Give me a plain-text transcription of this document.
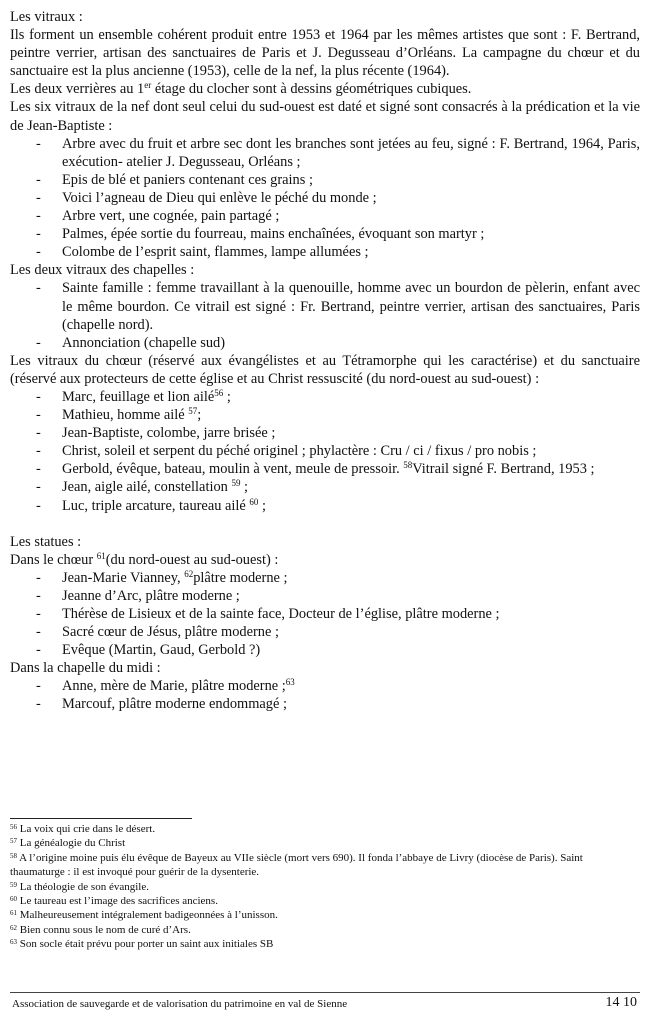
Les vitraux :

Ils forment un ensemble cohérent produit entre 1953 et 1964 par les mêmes artistes que sont : F. Bertrand, peintre verrier, artisan des sanctuaires de Paris et J. Degusseau d’Orléans. La campagne du chœur et du sanctuaire est la plus ancienne (1953), celle de la nef, la plus récente (1964).

Les deux verrières au 1er étage du clocher sont à dessins géométriques cubiques.

Les six vitraux de la nef dont seul celui du sud-ouest est daté et signé sont consacrés à la prédication et la vie de Jean-Baptiste :

- Arbre avec du fruit et arbre sec dont les branches sont jetées au feu, signé : F. Bertrand, 1964, Paris, exécution- atelier J. Degusseau, Orléans ;
- Epis de blé et paniers contenant ces grains ;
- Voici l’agneau de Dieu qui enlève le péché du monde ;
- Arbre vert, une cognée, pain partagé ;
- Palmes, épée sortie du fourreau, mains enchaînées, évoquant son martyr ;
- Colombe de l’esprit saint, flammes, lampe allumées ;

Les deux vitraux des chapelles :

- Sainte famille : femme travaillant à la quenouille, homme avec un bourdon de pèlerin, enfant avec le même bourdon. Ce vitrail est signé : Fr. Bertrand, peintre verrier, artisan des sanctuaires, Paris (chapelle nord).
- Annonciation (chapelle sud)

Les vitraux du chœur (réservé aux évangélistes et au Tétramorphe qui les caractérise) et du sanctuaire (réservé aux protecteurs de cette église et au Christ ressuscité (du nord-ouest au sud-ouest) :

- Marc, feuillage et lion ailé$^{56}$ ;
- Mathieu, homme ailé $^{57}$;
- Jean-Baptiste, colombe, jarre brisée ;
- Christ, soleil et serpent du péché originel ; phylactère : Cru / ci / fixus / pro nobis ;
- Gerbold, évêque, bateau, moulin à vent, meule de pressoir. $^{58}$Vitrail signé F. Bertrand, 1953 ;
- Jean, aigle ailé, constellation $^{59}$ ;
- Luc, triple arcature, taureau ailé $^{60}$ ;

Les statues :

Dans le chœur $^{61}$(du nord-ouest au sud-ouest) :

- Jean-Marie Vianney, $^{62}$plâtre moderne ;
- Jeanne d’Arc, plâtre moderne ;
- Thérèse de Lisieux et de la sainte face, Docteur de l’église, plâtre moderne ;
- Sacré cœur de Jésus, plâtre moderne ;
- Evêque (Martin, Gaud, Gerbold ?)

Dans la chapelle du midi :

- Anne, mère de Marie, plâtre moderne ;$^{63}$
- Marcouf, plâtre moderne endommagé ;

$^{56}$ La voix qui crie dans le désert.

$^{57}$ La généalogie du Christ

$^{58}$ A l’origine moine puis élu évêque de Bayeux au VIIe siècle (mort vers 690). Il fonda l’abbaye de Livry (diocèse de Paris). Saint thaumaturge : il est invoqué pour guérir de la dysenterie.

$^{59}$ La théologie de son évangile.

$^{60}$ Le taureau est l’image des sacrifices anciens.

$^{61}$ Malheureusement intégralement badigeonnées à l’unisson.

$^{62}$ Bien connu sous le nom de curé d’Ars.

$^{63}$ Son socle était prévu pour porter un saint aux initiales SB

Association de sauvegarde et de valorisation du patrimoine en val de Sienne	14 10
